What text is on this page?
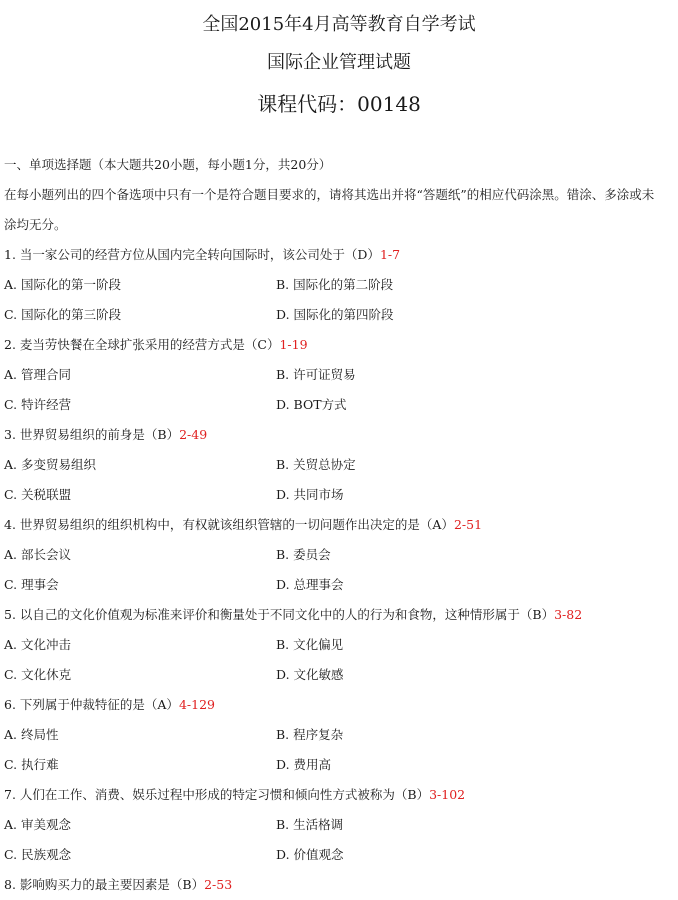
全国2015年4月高等教育自学考试
国际企业管理试题
课程代码：00148
一、单项选择题（本大题共20小题，每小题1分，共20分）
在每小题列出的四个备选项中只有一个是符合题目要求的，请将其选出并将“答题纸”的相应代码涂黑。错涂、多涂或未涂均无分。
1. 当一家公司的经营方位从国内完全转向国际时，该公司处于（D）1-7
A. 国际化的第一阶段	B. 国际化的第二阶段
C. 国际化的第三阶段	D. 国际化的第四阶段
2. 麦当劳快餐在全球扩张采用的经营方式是（C）1-19
A. 管理合同	B. 许可证贸易
C. 特许经营	D. BOT方式
3. 世界贸易组织的前身是（B）2-49
A. 多变贸易组织	B. 关贸总协定
C. 关税联盟	D. 共同市场
4. 世界贸易组织的组织机构中，有权就该组织管辖的一切问题作出决定的是（A）2-51
A. 部长会议	B. 委员会
C. 理事会	D. 总理事会
5. 以自己的文化价值观为标准来评价和衡量处于不同文化中的人的行为和食物，这种情形属于（B）3-82
A. 文化冲击	B. 文化偏见
C. 文化休克	D. 文化敏感
6. 下列属于仲裁特征的是（A）4-129
A. 终局性	B. 程序复杂
C. 执行难	D. 费用高
7. 人们在工作、消费、娱乐过程中形成的特定习惯和倾向性方式被称为（B）3-102
A. 审美观念	B. 生活格调
C. 民族观念	D. 价值观念
8. 影响购买力的最主要因素是（B）2-53
